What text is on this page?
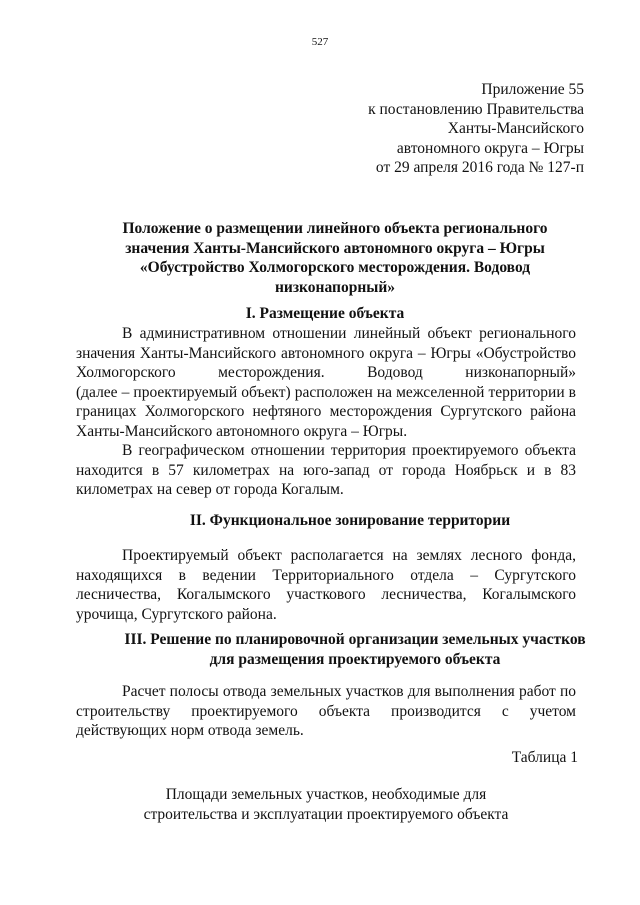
527
Приложение 55
к постановлению Правительства
Ханты-Мансийского
автономного округа – Югры
от 29 апреля 2016 года № 127-п
Положение о размещении линейного объекта регионального
значения Ханты-Мансийского автономного округа – Югры
«Обустройство Холмогорского месторождения. Водовод
низконапорный»
I. Размещение объекта
В административном отношении линейный объект регионального
значения Ханты-Мансийского автономного округа – Югры «Обустройство
Холмогорского месторождения. Водовод низконапорный»
(далее – проектируемый объект) расположен на межселенной территории в
границах Холмогорского нефтяного месторождения Сургутского района
Ханты-Мансийского автономного округа – Югры.
В географическом отношении территория проектируемого объекта
находится в 57 километрах на юго-запад от города Ноябрьск и в 83
километрах на север от города Когалым.
II. Функциональное зонирование территории
Проектируемый объект располагается на землях лесного фонда,
находящихся в ведении Территориального отдела – Сургутского
лесничества, Когалымского участкового лесничества, Когалымского
урочища, Сургутского района.
III. Решение по планировочной организации земельных участков
для размещения проектируемого объекта
Расчет полосы отвода земельных участков для выполнения работ по
строительству проектируемого объекта производится с учетом
действующих норм отвода земель.
Таблица 1
Площади земельных участков, необходимые для
строительства и эксплуатации проектируемого объекта
